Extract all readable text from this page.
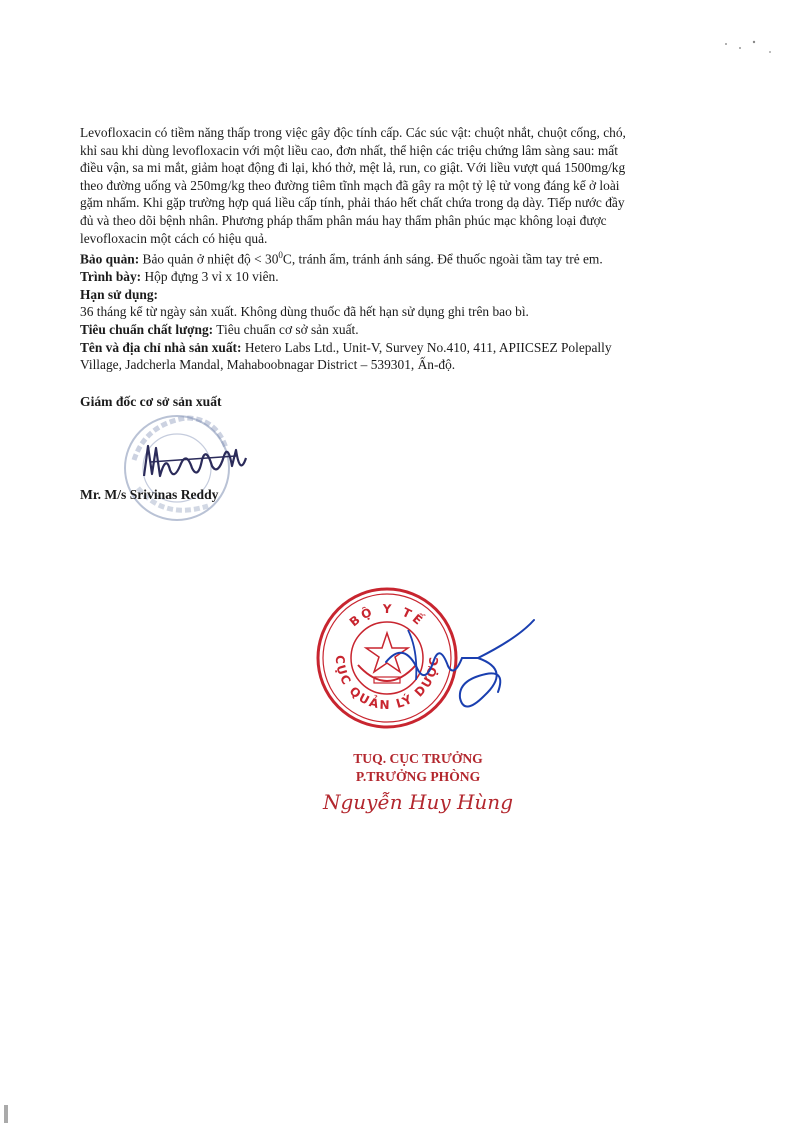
Levofloxacin có tiềm năng thấp trong việc gây độc tính cấp. Các súc vật: chuột nhắt, chuột cống, chó,
khỉ sau khi dùng levofloxacin với một liều cao, đơn nhất, thể hiện các triệu chứng lâm sàng sau: mất
điều vận, sa mi mắt, giảm hoạt động đi lại, khó thở, mệt lả, run, co giật. Với liều vượt quá 1500mg/kg
theo đường uống và 250mg/kg theo đường tiêm tĩnh mạch đã gây ra một tỷ lệ tử vong đáng kể ở loài
gặm nhấm. Khi gặp trường hợp quá liều cấp tính, phải tháo hết chất chứa trong dạ dày. Tiếp nước đầy
đủ và theo dõi bệnh nhân. Phương pháp thẩm phân máu hay thẩm phân phúc mạc không loại được
levofloxacin một cách có hiệu quả.
Bảo quản: Bảo quản ở nhiệt độ < $30^0C$, tránh ẩm, tránh ánh sáng. Để thuốc ngoài tầm tay trẻ em.
Trình bày: Hộp đựng 3 vỉ x 10 viên.
Hạn sử dụng:
36 tháng kể từ ngày sản xuất. Không dùng thuốc đã hết hạn sử dụng ghi trên bao bì.
Tiêu chuẩn chất lượng: Tiêu chuẩn cơ sở sản xuất.
Tên và địa chỉ nhà sản xuất: Hetero Labs Ltd., Unit-V, Survey No.410, 411, APIICSEZ Polepally
Village, Jadcherla Mandal, Mahaboobnagar District – 539301, Ấn-độ.
Giám đốc cơ sở sản xuất
Mr. M/s Srivinas Reddy
BỘ Y TẾ
CỤC QUẢN LÝ DƯỢC
TUQ. CỤC TRƯỞNG
P.TRƯỞNG PHÒNG
Nguyễn Huy Hùng
